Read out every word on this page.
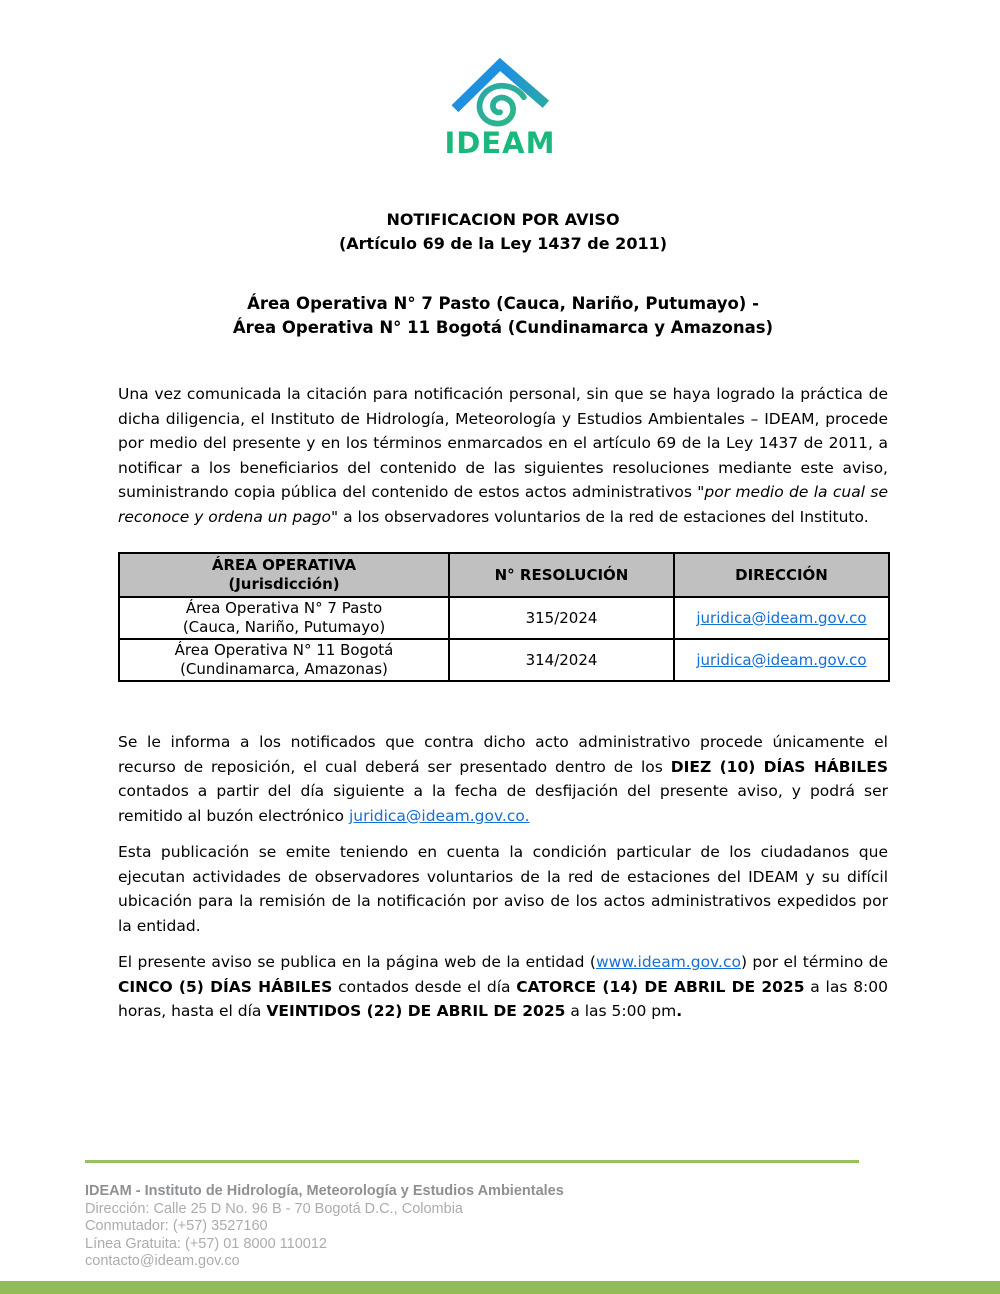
IDEAM
NOTIFICACION POR AVISO
(Artículo 69 de la Ley 1437 de 2011)
Área Operativa N° 7 Pasto (Cauca, Nariño, Putumayo) -
Área Operativa N° 11 Bogotá (Cundinamarca y Amazonas)

Una vez comunicada la citación para notificación personal, sin que se haya logrado la práctica de dicha diligencia, el Instituto de Hidrología, Meteorología y Estudios Ambientales – IDEAM, procede por medio del presente y en los términos enmarcados en el artículo 69 de la Ley 1437 de 2011, a notificar a los beneficiarios del contenido de las siguientes resoluciones mediante este aviso, suministrando copia pública del contenido de estos actos administrativos "por medio de la cual se reconoce y ordena un pago" a los observadores voluntarios de la red de estaciones del Instituto.

ÁREA OPERATIVA
(Jurisdicción)	N° RESOLUCIÓN	DIRECCIÓN
Área Operativa N° 7 Pasto
(Cauca, Nariño, Putumayo)	315/2024	juridica@ideam.gov.co
Área Operativa N° 11 Bogotá
(Cundinamarca, Amazonas)	314/2024	juridica@ideam.gov.co

Se le informa a los notificados que contra dicho acto administrativo procede únicamente el recurso de reposición, el cual deberá ser presentado dentro de los DIEZ (10) DÍAS HÁBILES contados a partir del día siguiente a la fecha de desfijación del presente aviso, y podrá ser remitido al buzón electrónico juridica@ideam.gov.co.

Esta publicación se emite teniendo en cuenta la condición particular de los ciudadanos que ejecutan actividades de observadores voluntarios de la red de estaciones del IDEAM y su difícil ubicación para la remisión de la notificación por aviso de los actos administrativos expedidos por la entidad.

El presente aviso se publica en la página web de la entidad (www.ideam.gov.co) por el término de CINCO (5) DÍAS HÁBILES contados desde el día CATORCE (14) DE ABRIL DE 2025 a las 8:00 horas, hasta el día VEINTIDOS (22) DE ABRIL DE 2025 a las 5:00 pm.

IDEAM - Instituto de Hidrología, Meteorología y Estudios Ambientales
Dirección: Calle 25 D No. 96 B - 70 Bogotá D.C., Colombia
Conmutador: (+57) 3527160
Línea Gratuita: (+57) 01 8000 110012
contacto@ideam.gov.co
